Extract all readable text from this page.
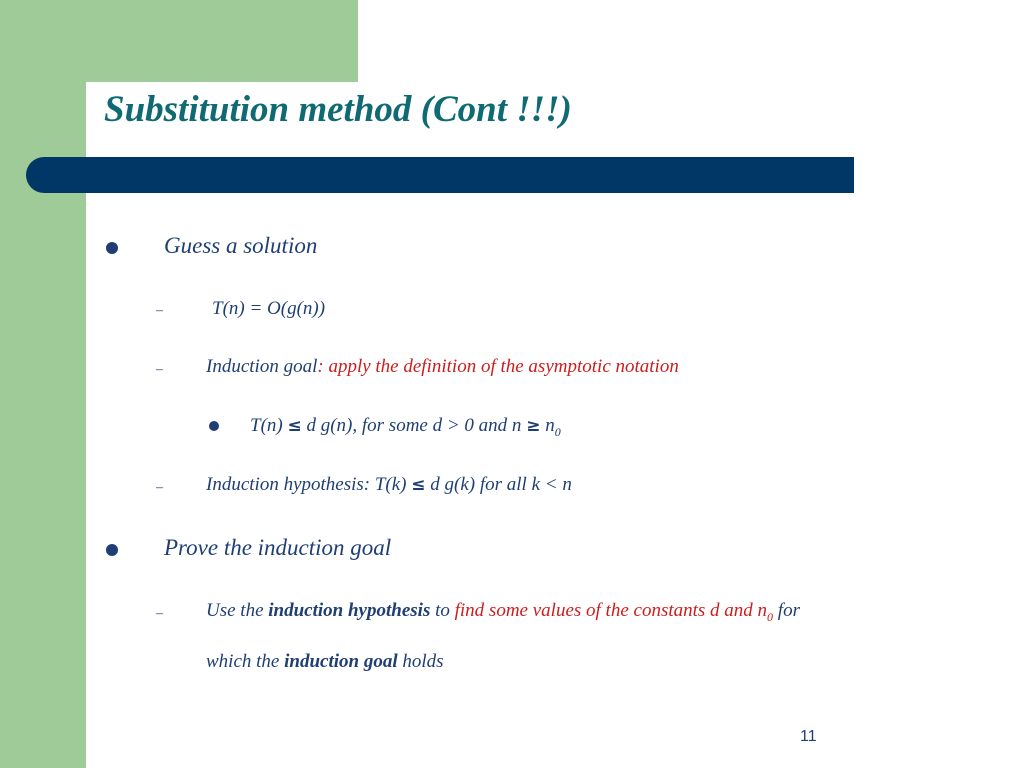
Substitution method (Cont !!!)
Guess a solution
–	T(n) = O(g(n))
– Induction goal: apply the definition of the asymptotic notation
T(n) ≤ d g(n), for some d > 0 and $n \ge n_0$
– Induction hypothesis: T(k) ≤ d g(k) for all k < n
Prove the induction goal
– Use the induction hypothesis to find some values of the constants d and $n_0$ for
which the induction goal holds
11
